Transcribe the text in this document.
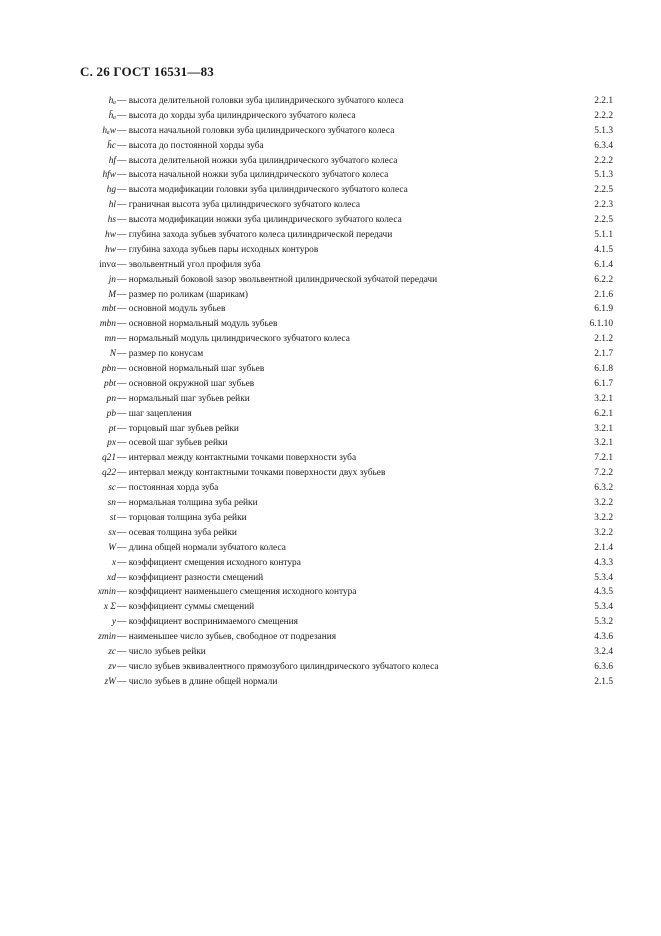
С. 26 ГОСТ 16531—83
hₐ — высота делительной головки зуба цилиндрического зубчатого колеса	2.2.1
h̄ₐ — высота до хорды зуба цилиндрического зубчатого колеса	2.2.2
hₐw — высота начальной головки зуба цилиндрического зубчатого колеса	5.1.3
h̄c — высота до постоянной хорды зуба	6.3.4
hf — высота делительной ножки зуба цилиндрического зубчатого колеса	2.2.2
hfw — высота начальной ножки зуба цилиндрического зубчатого колеса	5.1.3
hg — высота модификации головки зуба цилиндрического зубчатого колеса	2.2.5
hl — граничная высота зуба цилиндрического зубчатого колеса	2.2.3
hs — высота модификации ножки зуба цилиндрического зубчатого колеса	2.2.5
hw — глубина захода зубьев зубчатого колеса цилиндрической передачи	5.1.1
hw — глубина захода зубьев пары исходных контуров	4.1.5
invα — эвольвентный угол профиля зуба	6.1.4
jn — нормальный боковой зазор эвольвентной цилиндрической зубчатой передачи	6.2.2
M — размер по роликам (шарикам)	2.1.6
mbt — основной модуль зубьев	6.1.9
mbn — основной нормальный модуль зубьев	6.1.10
mn — нормальный модуль цилиндрического зубчатого колеса	2.1.2
N — размер по конусам	2.1.7
pbn — основной нормальный шаг зубьев	6.1.8
pbt — основной окружной шаг зубьев	6.1.7
pn — нормальный шаг зубьев рейки	3.2.1
pb — шаг зацепления	6.2.1
pt — торцовый шаг зубьев рейки	3.2.1
px — осевой шаг зубьев рейки	3.2.1
q21 — интервал между контактными точками поверхности зуба	7.2.1
q22 — интервал между контактными точками поверхности двух зубьев	7.2.2
sc — постоянная хорда зуба	6.3.2
sn — нормальная толщина зуба рейки	3.2.2
st — торцовая толщина зуба рейки	3.2.2
sx — осевая толщина зуба рейки	3.2.2
W — длина общей нормали зубчатого колеса	2.1.4
x — коэффициент смещения исходного контура	4.3.3
xd — коэффициент разности смещений	5.3.4
xmin — коэффициент наименьшего смещения исходного контура	4.3.5
x Σ — коэффициент суммы смещений	5.3.4
y — коэффициент воспринимаемого смещения	5.3.2
zmin — наименьшее число зубьев, свободное от подрезания	4.3.6
zc — число зубьев рейки	3.2.4
zv — число зубьев эквивалентного прямозубого цилиндрического зубчатого колеса	6.3.6
zW — число зубьев в длине общей нормали	2.1.5
